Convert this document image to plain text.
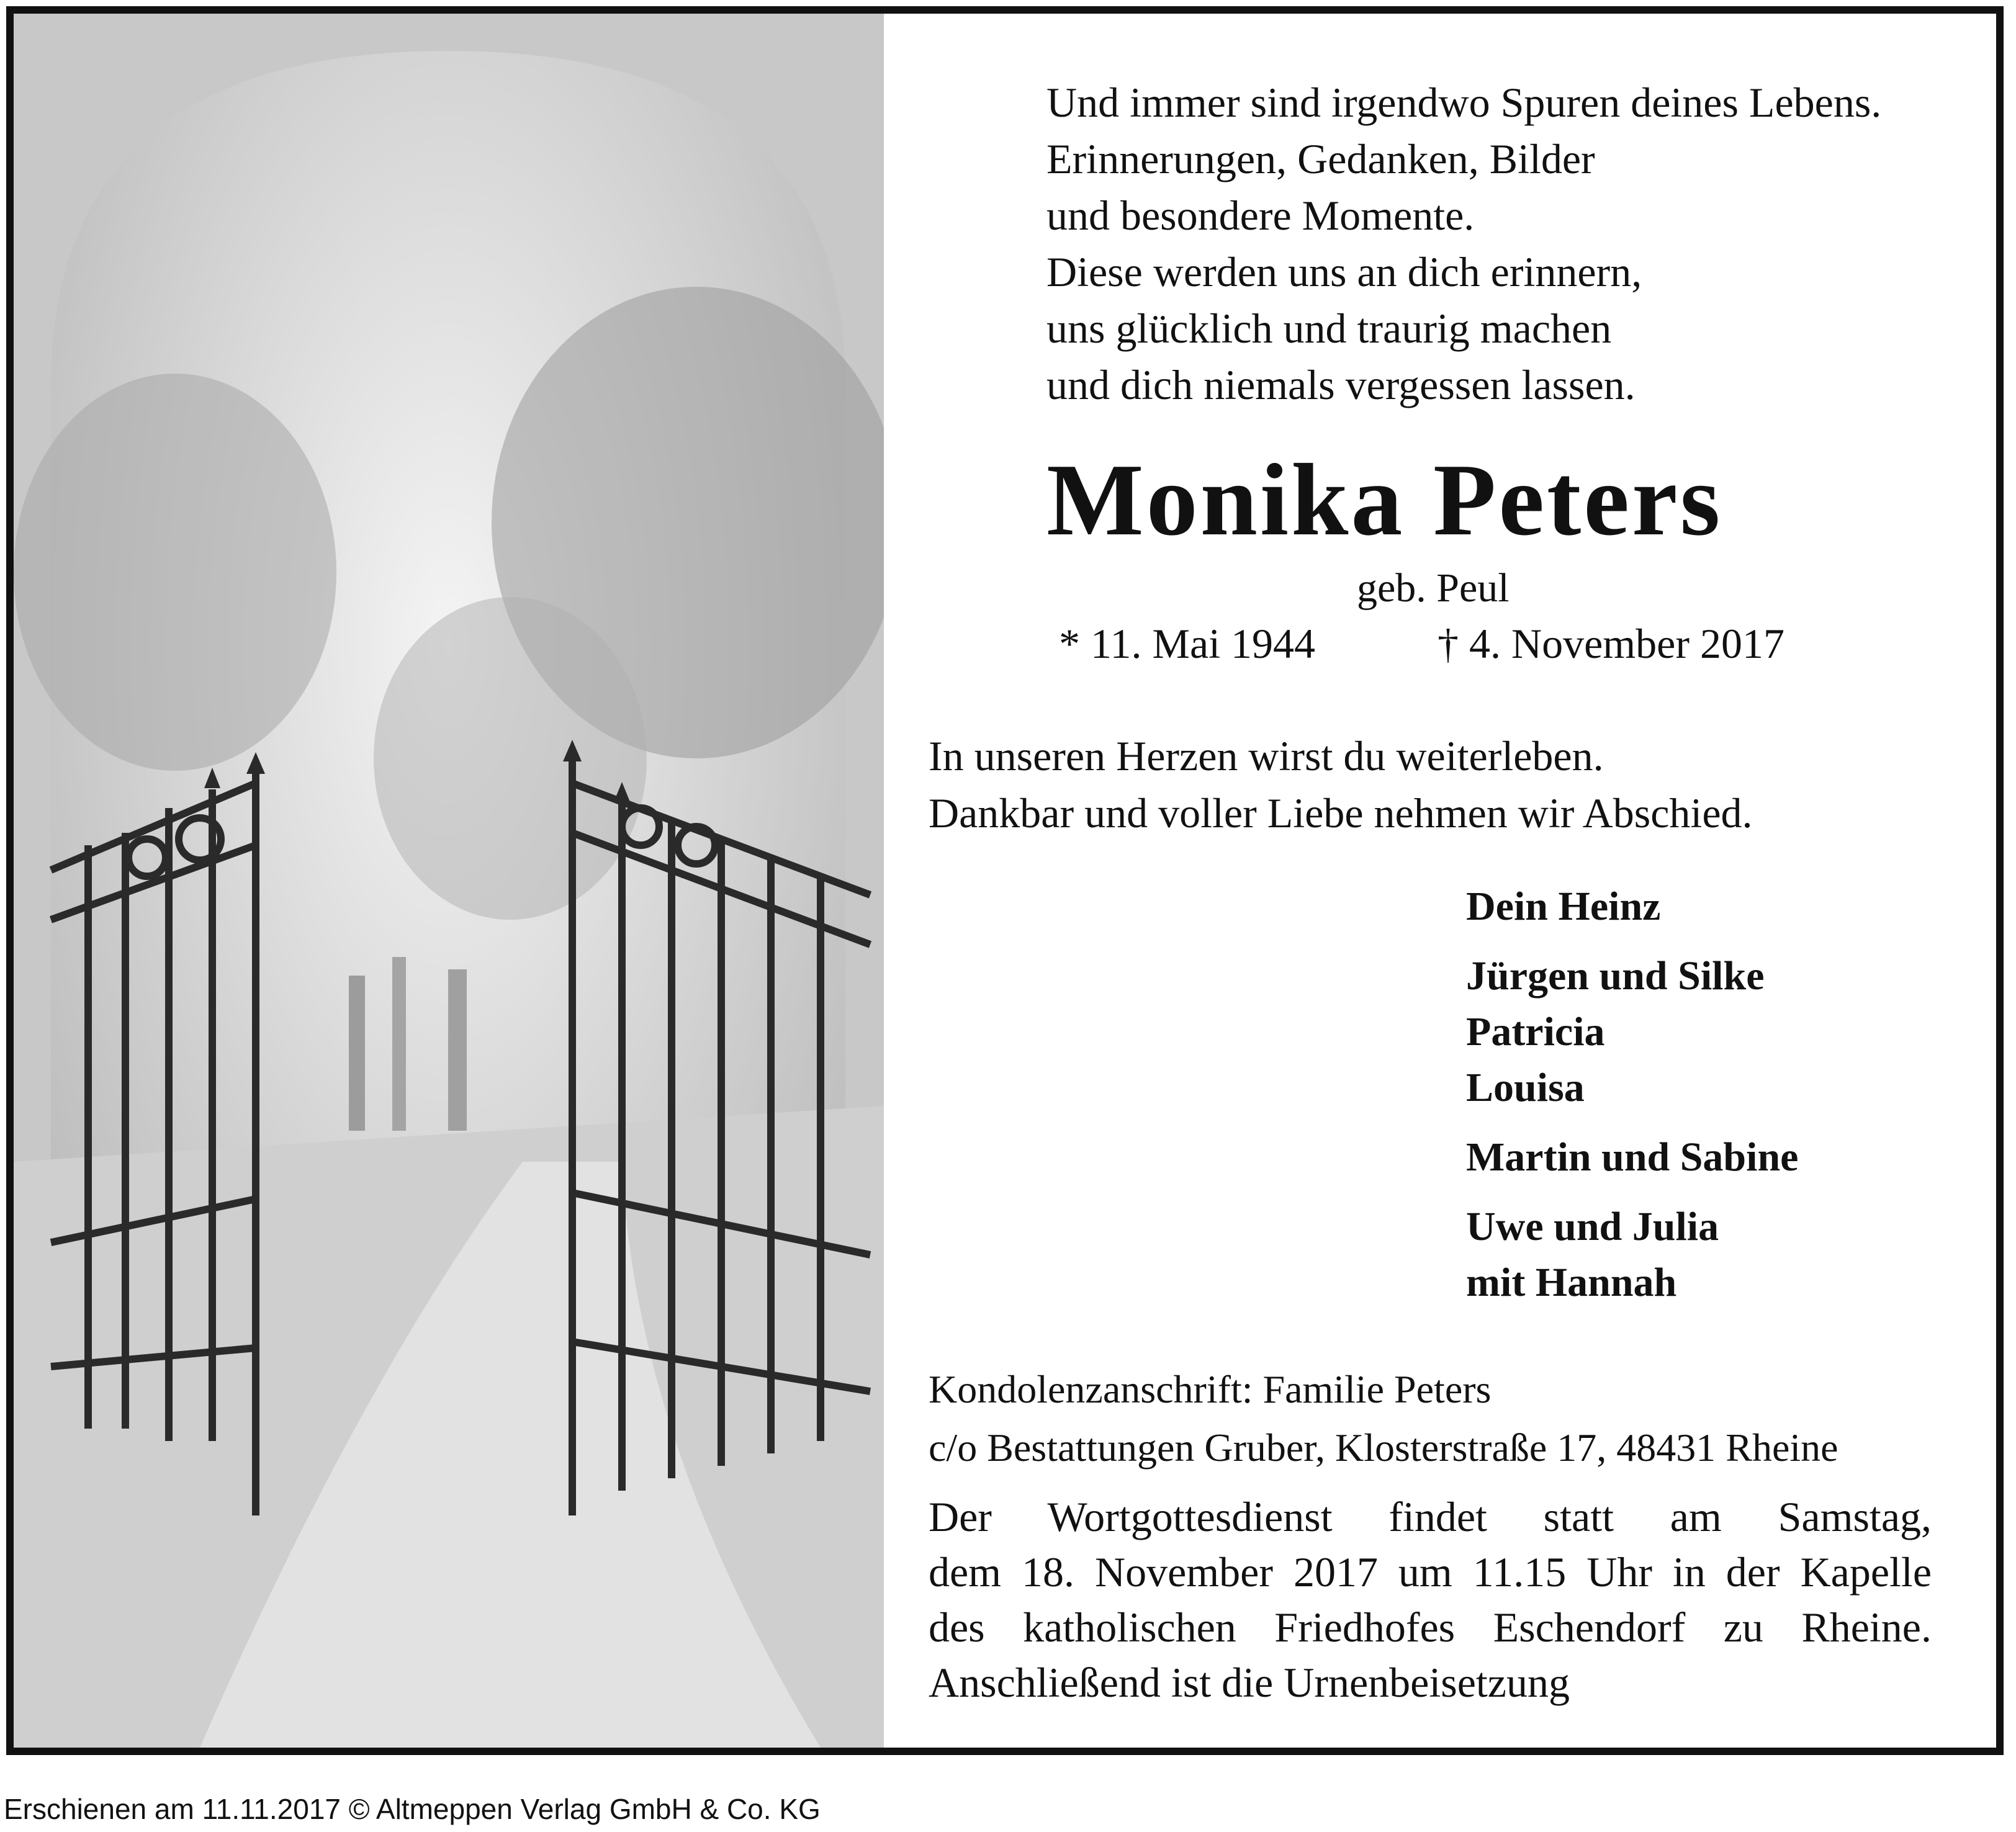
Und immer sind irgendwo Spuren deines Lebens.
Erinnerungen, Gedanken, Bilder
und besondere Momente.
Diese werden uns an dich erinnern,
uns glücklich und traurig machen
und dich niemals vergessen lassen.
Monika Peters
geb. Peul
* 11. Mai 1944	† 4. November 2017
In unseren Herzen wirst du weiterleben.
Dankbar und voller Liebe nehmen wir Abschied.
Dein Heinz
Jürgen und Silke
Patricia
Louisa
Martin und Sabine
Uwe und Julia
mit Hannah
Kondolenzanschrift: Familie Peters
c/o Bestattungen Gruber, Klosterstraße 17, 48431 Rheine
Der Wortgottesdienst findet statt am Samstag,
dem 18. November 2017 um 11.15 Uhr in der Kapelle
des katholischen Friedhofes Eschendorf zu Rheine.
Anschließend ist die Urnenbeisetzung
Erschienen am 11.11.2017 © Altmeppen Verlag GmbH & Co. KG
